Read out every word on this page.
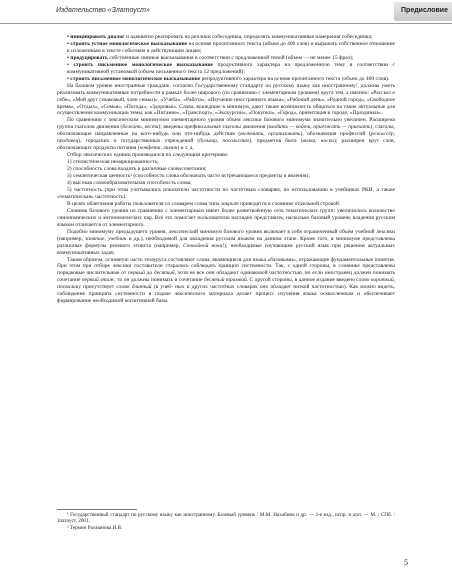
Издательство «Златоуст»	Предисловие

• инициировать диалог и адекватно реагировать на реплики собеседника, определять коммуникативные намерения собеседника;

• строить устное монологическое высказывание на основе прочитанного текста (объем до 400 слов) и выражать собственное отношение к изложенным в тексте событиям и действующим лицам;

• продуцировать собственные связные высказывания в соответствии с предложенной темой (объем — не менее 15 фраз);

• строить письменное монологическое высказывание продуктивного характера на предложенную тему в соответствии с коммуникативной установкой (объем письменного текста 12 предложений);

• строить письменное монологическое высказывание репродуктивного характера на основе прочитанного текста (объем до 400 слов).

На базовом уровне иностранные граждане, согласно Государственному стандарту по русскому языку как иностранному¹, должны уметь реализовать коммуникативные потребности в рамках более широкого (по сравнению с элементарным уровнем) круга тем, а именно: «Рассказ о себе», «Мой друг (знакомый, член семьи)», «Учёба», «Работа», «Изучение иностранного языка», «Рабочий день», «Родной город», «Свободное время», «Отдых», «Семья», «Погода», «Здоровье». Слова, вошедшие в минимум, дают также возможность общаться на такие актуальные для осуществления коммуникации темы, как «Питание», «Транспорт», «Экскурсии», «Покупки», «Город», ориентация в городе, «Праздники».

По сравнению с лексическим минимумом элементарного уровня объем лексики базового минимума значительно увеличен. Расширена группа глаголов движения (бежать, вести); введены префиксальные глаголы движения (входить — войти, приезжать — приехать), глаголы, обозначающие направленные на кого-нибудь или что-нибудь действия (включить, организовать), обозначения профессий (режиссёр, продавец), городских и государственных учреждений (бульвар, посольство), предметов быта (вилка, носки); расширен круг слов, обозначающих продукты питания (конфета, лимон) и т. д.

Отбор лексических единиц производился по следующим критериям:

1) стилистическая немаркированность;

2) способность слова входить в различные словосочетания;

3) семантическая ценность² (способность слова обозначать часто встречающиеся предметы и явления);

4) высокая словообразовательная способность слова;

5) частотность (при этом учитывались показатели частотности по частотным словарям, по использованию в учебниках РКИ, а также «тематическая» частотность).

В целях облегчения работы пользователя со словарем слова типа закрыт приводятся в словнике отдельной строкой.

Словник базового уровня по сравнению с элементарным имеет более разветвлённую сеть тематических групп; увеличилось количество синонимических и антонимических пар. Всё это помогает пользователю наглядно представить, насколько базовый уровень владения русским языком отличается от элементарного.

Подобно минимуму предыдущего уровня, лексический минимум базового уровня включает в себя ограниченный объём учебной лексики (например, занятие, учебник и др.), необходимой для овладения русским языком на данном этапе. Кроме того, в минимуме представлены различные формулы речевого этикета (например, Спокойной ночи!), необходимые изучающим русский язык при решении актуальных коммуникативных задач.

Таким образом, основную часть тезауруса составляют слова, являющиеся для языка «базовыми», отражающие фундаментальные понятия. При этом при отборе лексики составители старались соблюдать принцип системности. Так, с одной стороны, в словнике представлены порядковые числительные от первый до десятый, хотя не все они обладают одинаковой частотностью, но если иностранец должен понимать сочетание первый этаж, то он должны понимать и сочетание десятый трамвай. С другой стороны, в данное издание введено слово короткий, поскольку присутствует слово длинный (в учеб- ных и других частотных словарях оно обладает низкой частотностью). Как можно видеть, соблюдение принципа системности в подаче лексического материала делает процесс изучения языка осмысленным и обеспечивает формирование необходимой когнитивной базы.

¹ Государственный стандарт по русскому языку как иностранному. Базовый уровень / М.М. Нахабина и др. — 2-е изд., испр. и доп. — М. ; СПб. : Златоуст, 2001.

² Термин Рахманова И.В.

5
